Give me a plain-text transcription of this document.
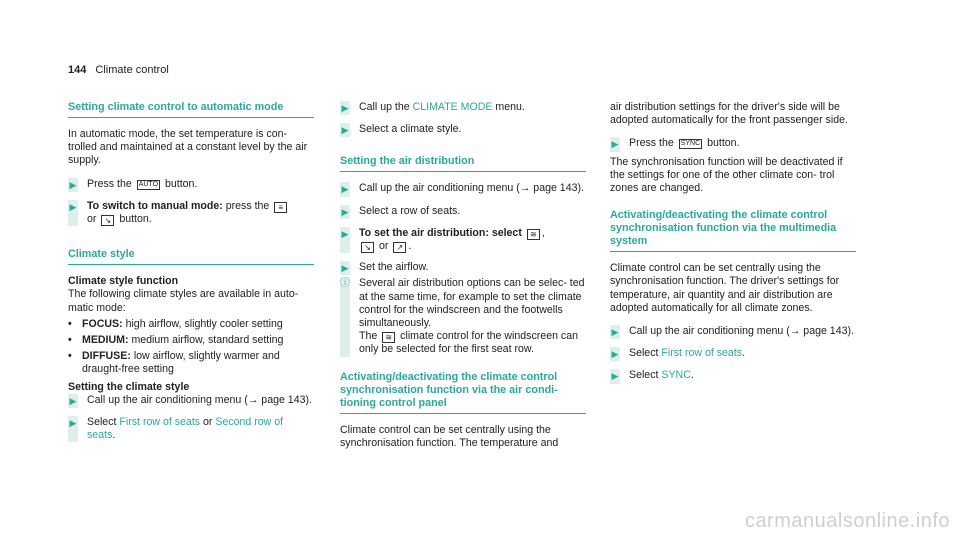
144 Climate control
Setting climate control to automatic mode

In automatic mode, the set temperature is con- trolled and maintained at a constant level by the air supply.

▶ Press the AUTO button.
▶ To switch to manual mode: press the ≡
or ↘ button.
Climate style

Climate style function

The following climate styles are available in auto- matic mode:

• FOCUS: high airflow, slightly cooler setting
• MEDIUM: medium airflow, standard setting
• DIFFUSE: low airflow, slightly warmer and draught-free setting
Setting the climate style
▶ Call up the air conditioning menu (→ page 143).
▶ Select First row of seats or Second row of seats.
▶ Call up the CLIMATE MODE menu.
▶ Select a climate style.
Setting the air distribution
▶ Call up the air conditioning menu (→ page 143).
▶ Select a row of seats.
▶ To set the air distribution: select ≋ ,
↘ or ↗ .
▶ Set the airflow.
ⓘ Several air distribution options can be selec- ted at the same time, for example to set the climate control for the windscreen and the footwells simultaneously.
The ≋ climate control for the windscreen can only be selected for the first seat row.
Activating/deactivating the climate control synchronisation function via the air condi- tioning control panel

Climate control can be set centrally using the synchronisation function. The temperature and

air distribution settings for the driver's side will be adopted automatically for the front passenger side.

▶ Press the SYNC button.

The synchronisation function will be deactivated if the settings for one of the other climate con- trol zones are changed.

Activating/deactivating the climate control synchronisation function via the multimedia system

Climate control can be set centrally using the synchronisation function. The driver's settings for temperature, air quantity and air distribution are adopted automatically for all climate zones.

▶ Call up the air conditioning menu (→ page 143).
▶ Select First row of seats.
▶ Select SYNC.
carmanualsonline.info
